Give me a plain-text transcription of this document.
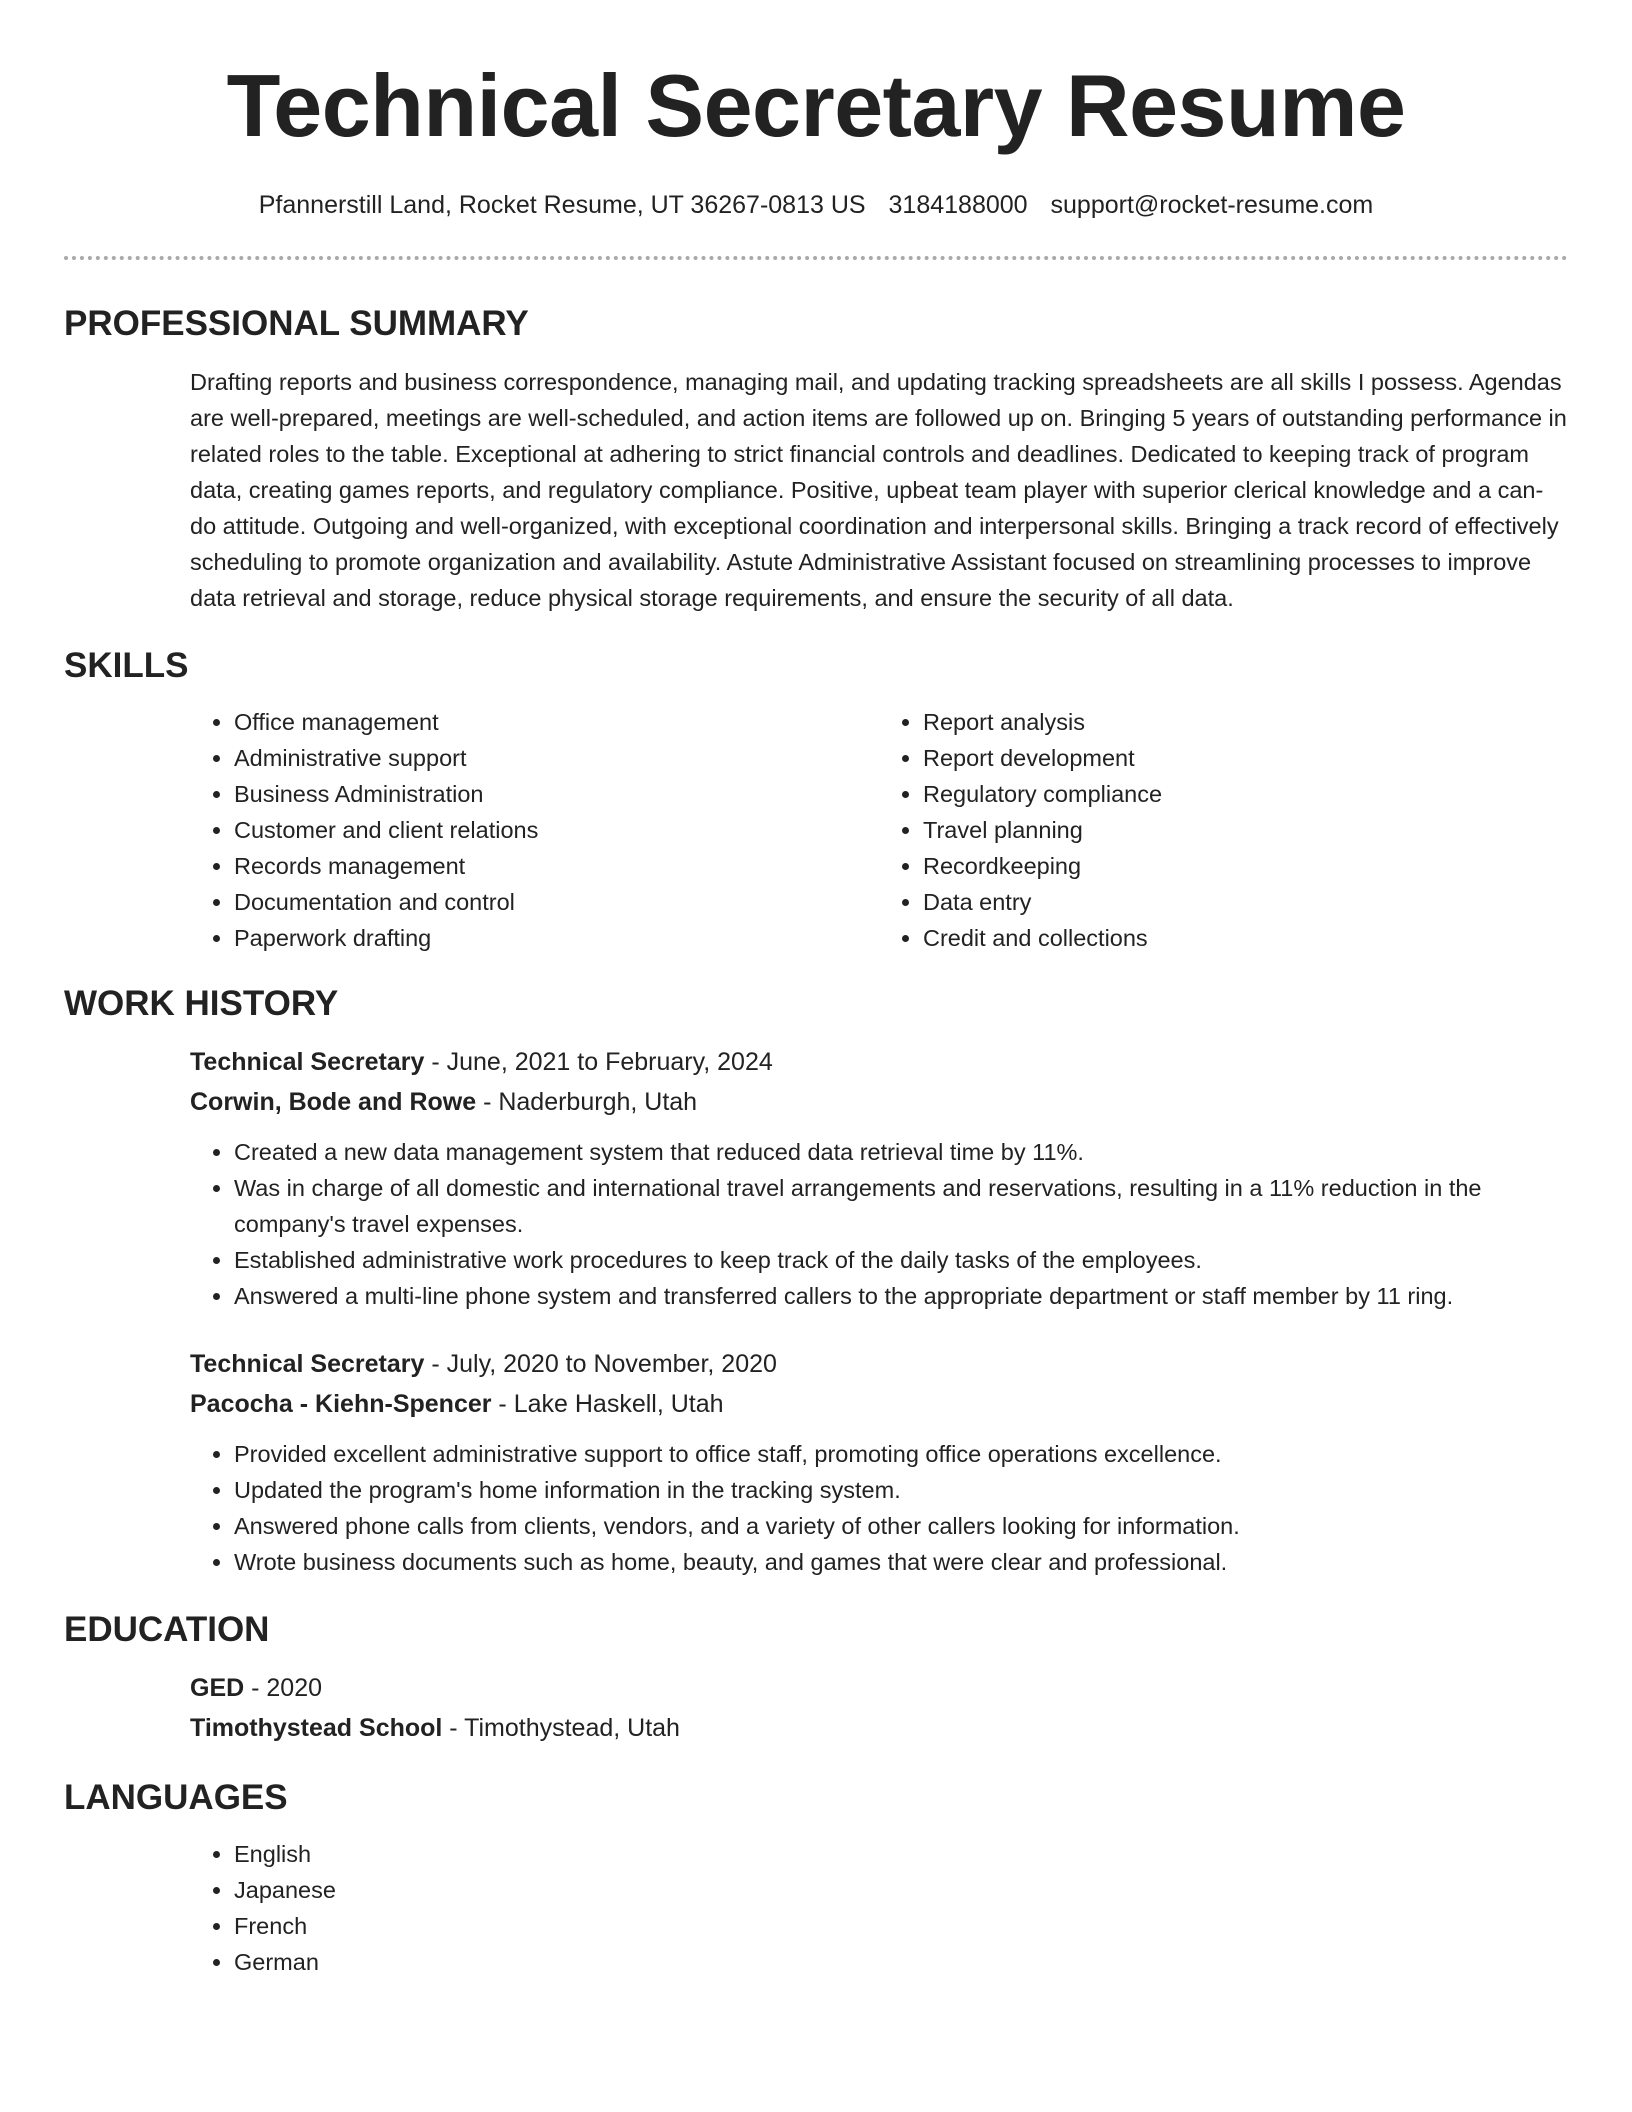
Technical Secretary Resume
Pfannerstill Land, Rocket Resume, UT 36267-0813 US 3184188000 support@rocket-resume.com
PROFESSIONAL SUMMARY

Drafting reports and business correspondence, managing mail, and updating tracking spreadsheets are all skills I possess. Agendas are well-prepared, meetings are well-scheduled, and action items are followed up on. Bringing 5 years of outstanding performance in related roles to the table. Exceptional at adhering to strict financial controls and deadlines. Dedicated to keeping track of program data, creating games reports, and regulatory compliance. Positive, upbeat team player with superior clerical knowledge and a can-do attitude. Outgoing and well-organized, with exceptional coordination and interpersonal skills. Bringing a track record of effectively scheduling to promote organization and availability. Astute Administrative Assistant focused on streamlining processes to improve data retrieval and storage, reduce physical storage requirements, and ensure the security of all data.

SKILLS
• Office management
• Administrative support
• Business Administration
• Customer and client relations
• Records management
• Documentation and control
• Paperwork drafting
• Report analysis
• Report development
• Regulatory compliance
• Travel planning
• Recordkeeping
• Data entry
• Credit and collections
WORK HISTORY
Technical Secretary - June, 2021 to February, 2024
Corwin, Bode and Rowe - Naderburgh, Utah
• Created a new data management system that reduced data retrieval time by 11%.
• Was in charge of all domestic and international travel arrangements and reservations, resulting in a 11% reduction in the company's travel expenses.
• Established administrative work procedures to keep track of the daily tasks of the employees.
• Answered a multi-line phone system and transferred callers to the appropriate department or staff member by 11 ring.
Technical Secretary - July, 2020 to November, 2020
Pacocha - Kiehn-Spencer - Lake Haskell, Utah
• Provided excellent administrative support to office staff, promoting office operations excellence.
• Updated the program's home information in the tracking system.
• Answered phone calls from clients, vendors, and a variety of other callers looking for information.
• Wrote business documents such as home, beauty, and games that were clear and professional.
EDUCATION
GED - 2020
Timothystead School - Timothystead, Utah
LANGUAGES
• English
• Japanese
• French
• German
